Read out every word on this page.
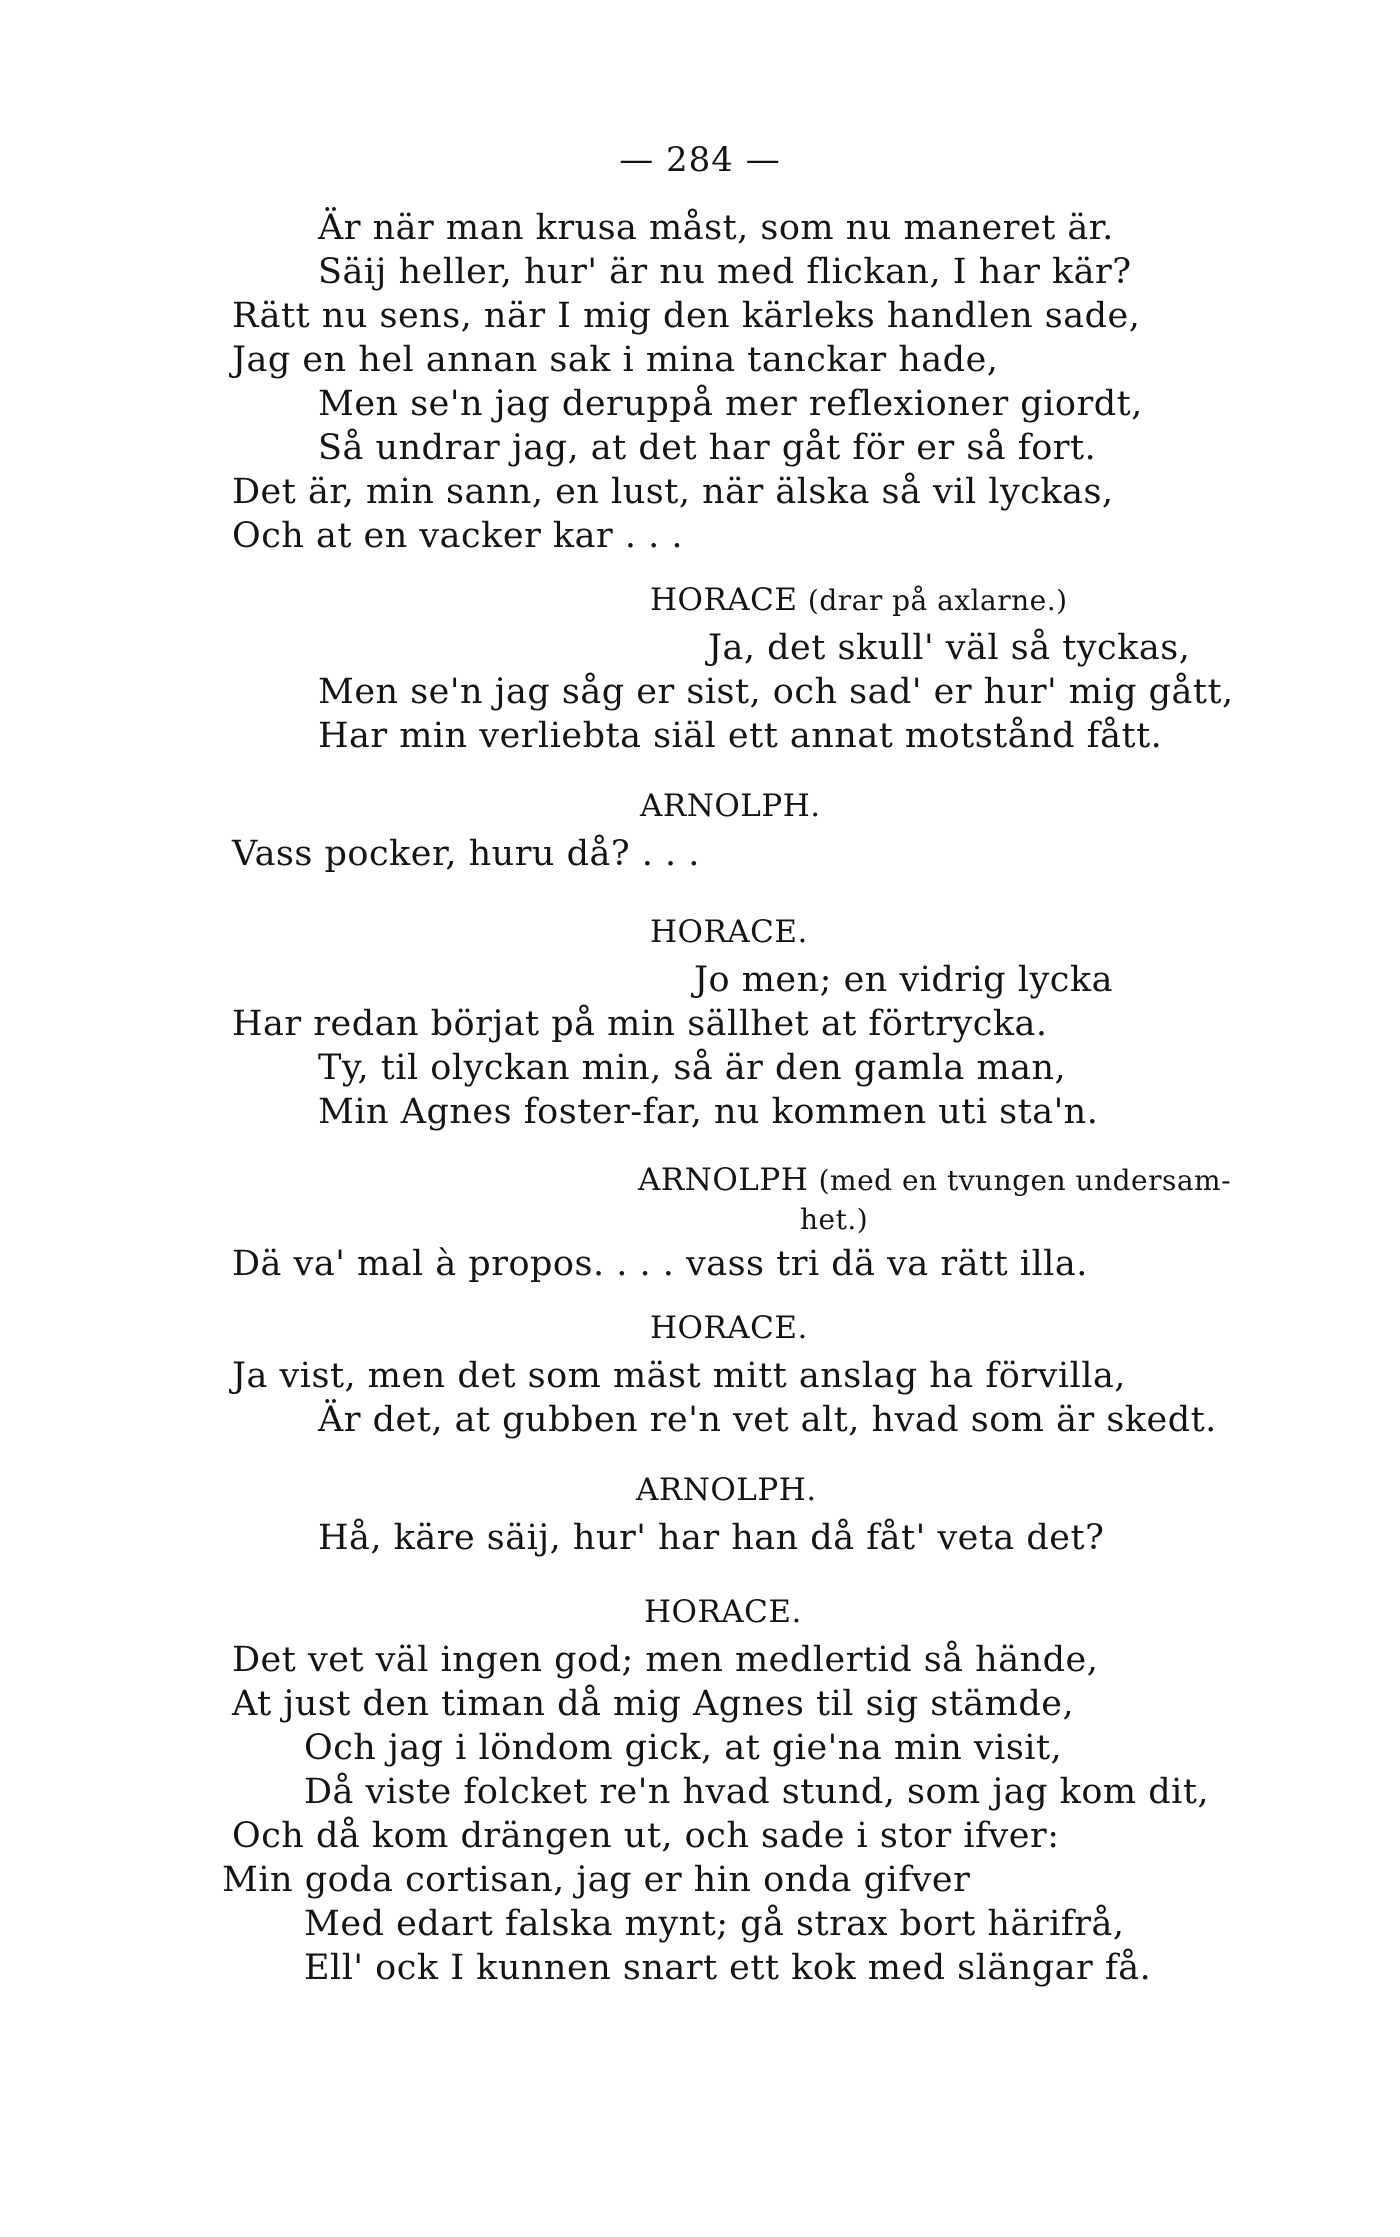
— 284 —
Är när man krusa måst, som nu maneret är.
Säij heller, hur' är nu med flickan, I har kär?
Rätt nu sens, när I mig den kärleks handlen sade,
Jag en hel annan sak i mina tanckar hade,
Men se'n jag deruppå mer reflexioner giordt,
Så undrar jag, at det har gåt för er så fort.
Det är, min sann, en lust, när älska så vil lyckas,
Och at en vacker kar . . .
HORACE (drar på axlarne.)
Ja, det skull' väl så tyckas,
Men se'n jag såg er sist, och sad' er hur' mig gått,
Har min verliebta siäl ett annat motstånd fått.
ARNOLPH.
Vass pocker, huru då? . . .
HORACE.
Jo men; en vidrig lycka
Har redan börjat på min sällhet at förtrycka.
Ty, til olyckan min, så är den gamla man,
Min Agnes foster-far, nu kommen uti sta'n.
ARNOLPH (med en tvungen undersam-
het.)
Dä va' mal à propos. . . . vass tri dä va rätt illa.
HORACE.
Ja vist, men det som mäst mitt anslag ha förvilla,
Är det, at gubben re'n vet alt, hvad som är skedt.
ARNOLPH.
Hå, käre säij, hur' har han då fåt' veta det?
HORACE.
Det vet väl ingen god; men medlertid så hände,
At just den timan då mig Agnes til sig stämde,
Och jag i löndom gick, at gie'na min visit,
Då viste folcket re'n hvad stund, som jag kom dit,
Och då kom drängen ut, och sade i stor ifver:
Min goda cortisan, jag er hin onda gifver
Med edart falska mynt; gå strax bort härifrå,
Ell' ock I kunnen snart ett kok med slängar få.
